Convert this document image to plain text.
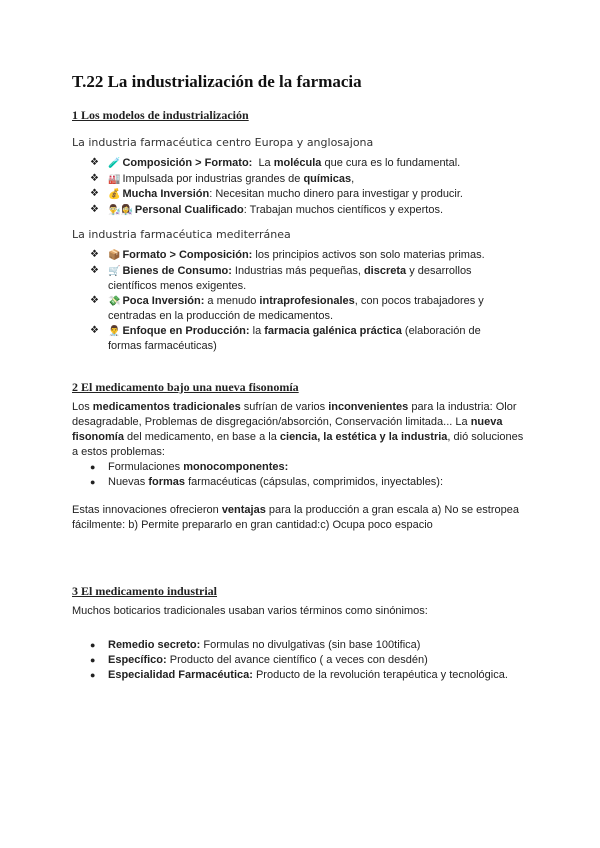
T.22 La industrialización de la farmacia
1 Los modelos de industrialización
La industria farmacéutica centro Europa y anglosajona
❖ 🧪 Composición > Formato:  La molécula que cura es lo fundamental.
❖ 🏭 Impulsada por industrias grandes de químicas,
❖ 💰 Mucha Inversión: Necesitan mucho dinero para investigar y producir.
❖ 👨‍🔬👩‍🔬 Personal Cualificado: Trabajan muchos científicos y expertos.
La industria farmacéutica mediterránea
❖ 📦 Formato > Composición: los principios activos son solo materias primas.
❖ 🛒 Bienes de Consumo: Industrias más pequeñas, discreta y desarrollos científicos menos exigentes.
❖ 💸 Poca Inversión: a menudo intraprofesionales, con pocos trabajadores y centradas en la producción de medicamentos.
❖ 👨‍⚕️ Enfoque en Producción: la farmacia galénica práctica (elaboración de formas farmacéuticas)
2 El medicamento bajo una nueva fisonomía

Los medicamentos tradicionales sufrían de varios inconvenientes para la industria: Olor desagradable, Problemas de disgregación/absorción, Conservación limitada... La nueva fisonomía del medicamento, en base a la ciencia, la estética y la industria, dió soluciones a estos problemas:

● Formulaciones monocomponentes:
● Nuevas formas farmacéuticas (cápsulas, comprimidos, inyectables):

Estas innovaciones ofrecieron ventajas para la producción a gran escala a) No se estropea fácilmente: b) Permite prepararlo en gran cantidad:c) Ocupa poco espacio

3 El medicamento industrial

Muchos boticarios tradicionales usaban varios términos como sinónimos:

● Remedio secreto: Formulas no divulgativas (sin base 100tifica)
● Específico: Producto del avance científico ( a veces con desdén)
● Especialidad Farmacéutica: Producto de la revolución terapéutica y tecnológica.
